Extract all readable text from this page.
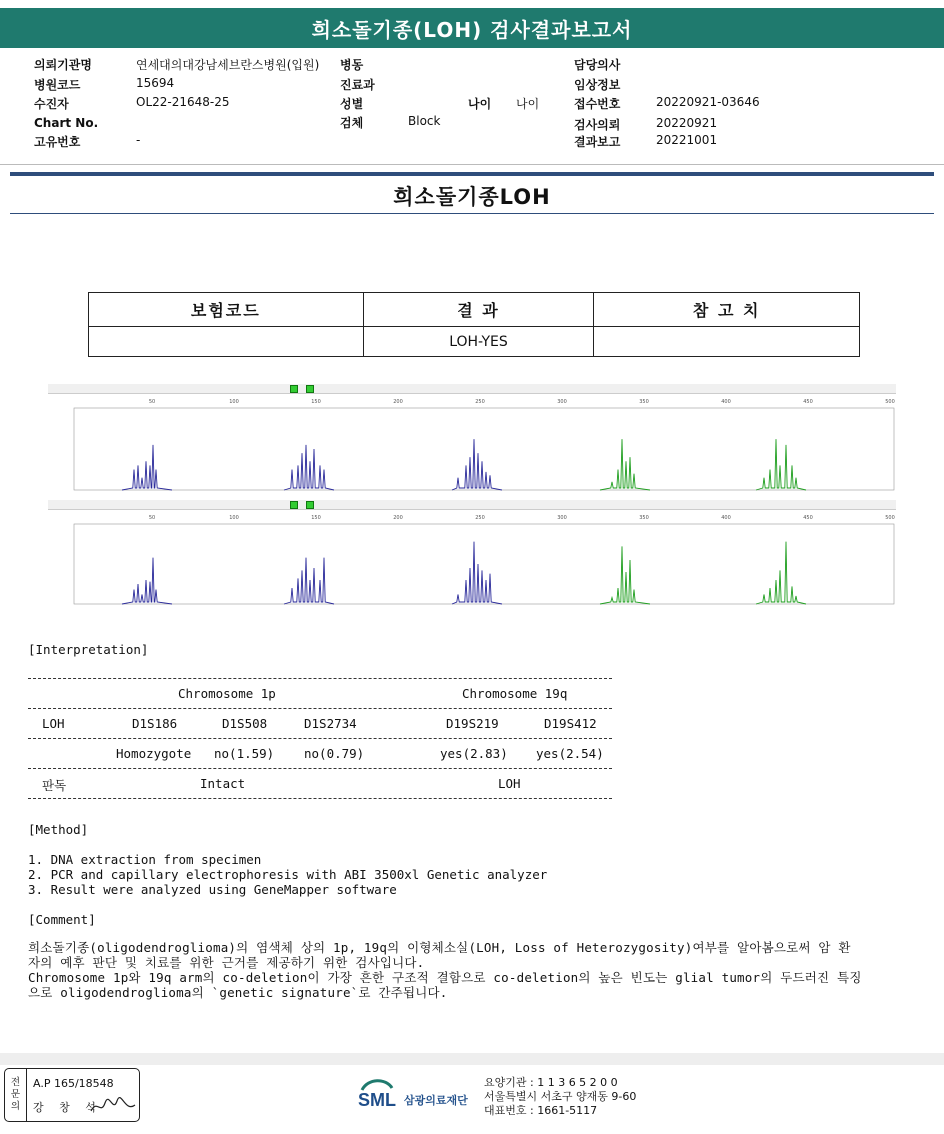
희소돌기종(LOH) 검사결과보고서
의뢰기관명	연세대의대강남세브란스병원(입원)
병원코드	15694
수진자	OL22-21648-25
Chart No.
고유번호	-
병동
진료과
성별	나이 나이
검체	Block
담당의사
임상정보
접수번호	20220921-03646
검사의뢰	20220921
결과보고	20221001
희소돌기종LOH
보험코드	결 과	참 고 치
	LOH-YES	
50	100	150	200	250	300	350	400	450	500
50	100	150	200	250	300	350	400	450	500
[Interpretation]
Chromosome 1p	Chromosome 19q
LOH	D1S186	D1S508	D1S2734	D19S219	D19S412
Homozygote no(1.59) no(0.79)	yes(2.83) yes(2.54)
판독	Intact	LOH
[Method]
1. DNA extraction from specimen
2. PCR and capillary electrophoresis with ABI 3500xl Genetic analyzer
3. Result were analyzed using GeneMapper software
[Comment]
희소돌기종(oligodendroglioma)의 염색체 상의 1p, 19q의 이형체소실(LOH, Loss of Heterozygosity)여부를 알아봄으로써 암 환
자의 예후 판단 및 치료를 위한 근거를 제공하기 위한 검사입니다.
Chromosome 1p와 19q arm의 co-deletion이 가장 흔한 구조적 결함으로 co-deletion의 높은 빈도는 glial tumor의 두드러진 특징
으로 oligodendroglioma의 `genetic signature`로 간주됩니다.
전
문
의
A.P 165/18548
강 창 석	SML 삼광의료재단
요양기관 : 1 1 3 6 5 2 0 0
서울특별시 서초구 양재동 9-60
대표번호 : 1661-5117
